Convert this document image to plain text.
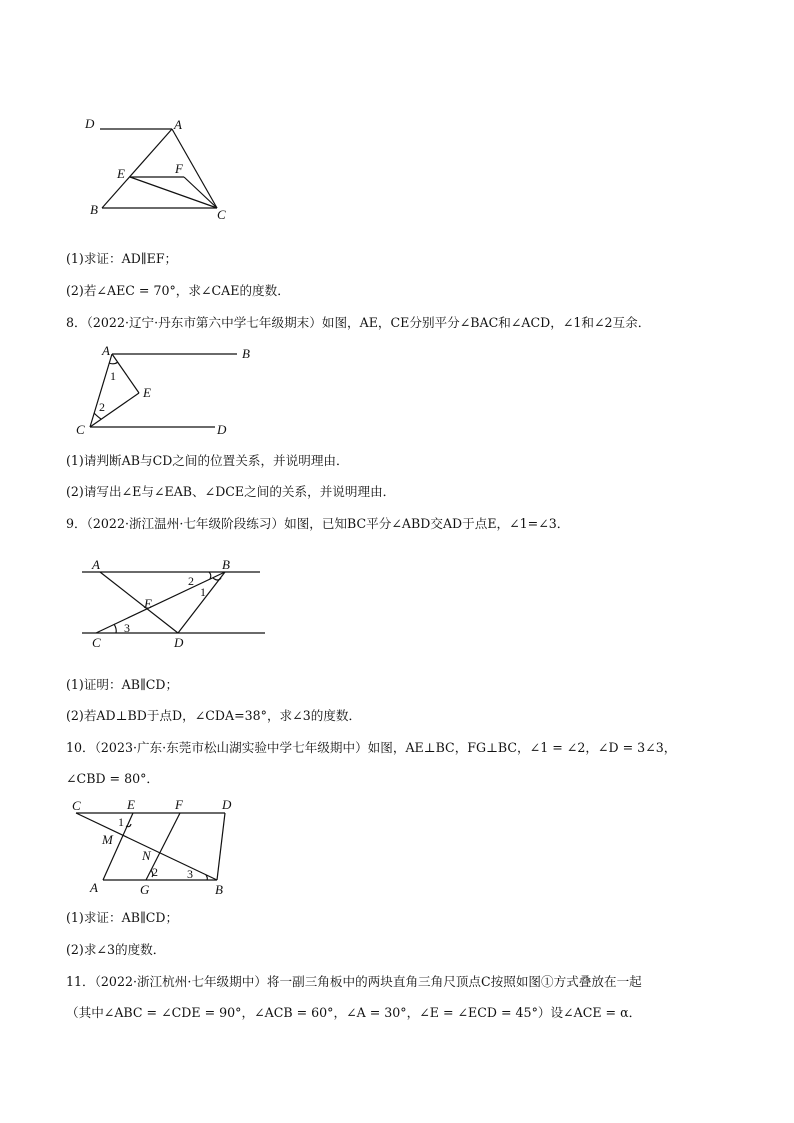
D	A
E	F
B	C
(1)求证：AD∥EF；
(2)若∠AEC = 70°，求∠CAE的度数．
8．（2022·辽宁·丹东市第六中学七年级期末）如图，AE，CE分别平分∠BAC和∠ACD，∠1和∠2互余．
A	B
C	D
E
1
2
(1)请判断AB与CD之间的位置关系，并说明理由．
(2)请写出∠E与∠EAB、∠DCE之间的关系，并说明理由．
9．（2022·浙江温州·七年级阶段练习）如图，已知BC平分∠ABD交AD于点E，∠1=∠3．
A	B
C	D
E
1
2
3
(1)证明：AB∥CD；
(2)若AD⊥BD于点D，∠CDA=38°，求∠3的度数．
10．（2023·广东·东莞市松山湖实验中学七年级期中）如图，AE⊥BC，FG⊥BC，∠1 = ∠2，∠D = 3∠3，
∠CBD = 80°．
C	E	F	D
M
N
A	G	B
1
2 3
(1)求证：AB∥CD；
(2)求∠3的度数．
11．（2022·浙江杭州·七年级期中）将一副三角板中的两块直角三角尺顶点C按照如图①方式叠放在一起
（其中∠ABC = ∠CDE = 90°，∠ACB = 60°，∠A = 30°，∠E = ∠ECD = 45°）设∠ACE = α．
